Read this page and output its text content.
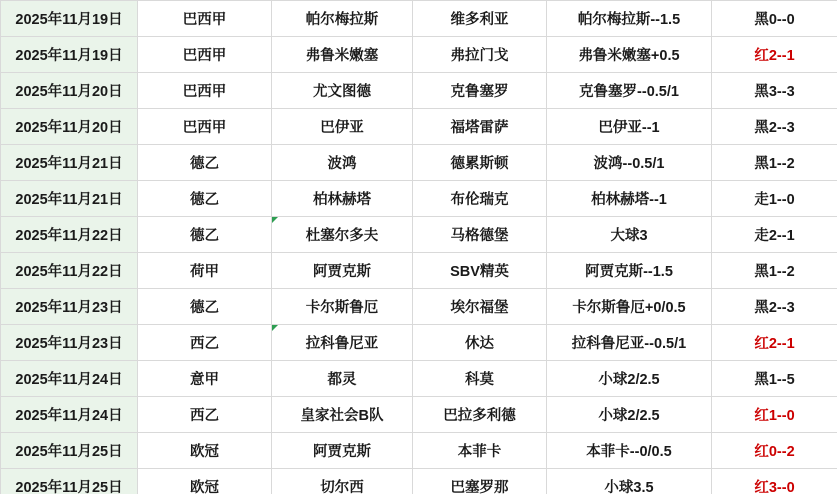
2025年11月19日	巴西甲	帕尔梅拉斯	维多利亚	帕尔梅拉斯--1.5	黑0--0
2025年11月19日	巴西甲	弗鲁米嫩塞	弗拉门戈	弗鲁米嫩塞+0.5	红2--1
2025年11月20日	巴西甲	尤文图德	克鲁塞罗	克鲁塞罗--0.5/1	黑3--3
2025年11月20日	巴西甲	巴伊亚	福塔雷萨	巴伊亚--1	黑2--3
2025年11月21日	德乙	波鸿	德累斯顿	波鸿--0.5/1	黑1--2
2025年11月21日	德乙	柏林赫塔	布伦瑞克	柏林赫塔--1	走1--0
2025年11月22日	德乙	杜塞尔多夫	马格德堡	大球3	走2--1
2025年11月22日	荷甲	阿贾克斯	SBV精英	阿贾克斯--1.5	黑1--2
2025年11月23日	德乙	卡尔斯鲁厄	埃尔福堡	卡尔斯鲁厄+0/0.5	黑2--3
2025年11月23日	西乙	拉科鲁尼亚	休达	拉科鲁尼亚--0.5/1	红2--1
2025年11月24日	意甲	都灵	科莫	小球2/2.5	黑1--5
2025年11月24日	西乙	皇家社会B队	巴拉多利德	小球2/2.5	红1--0
2025年11月25日	欧冠	阿贾克斯	本菲卡	本菲卡--0/0.5	红0--2
2025年11月25日	欧冠	切尔西	巴塞罗那	小球3.5	红3--0
